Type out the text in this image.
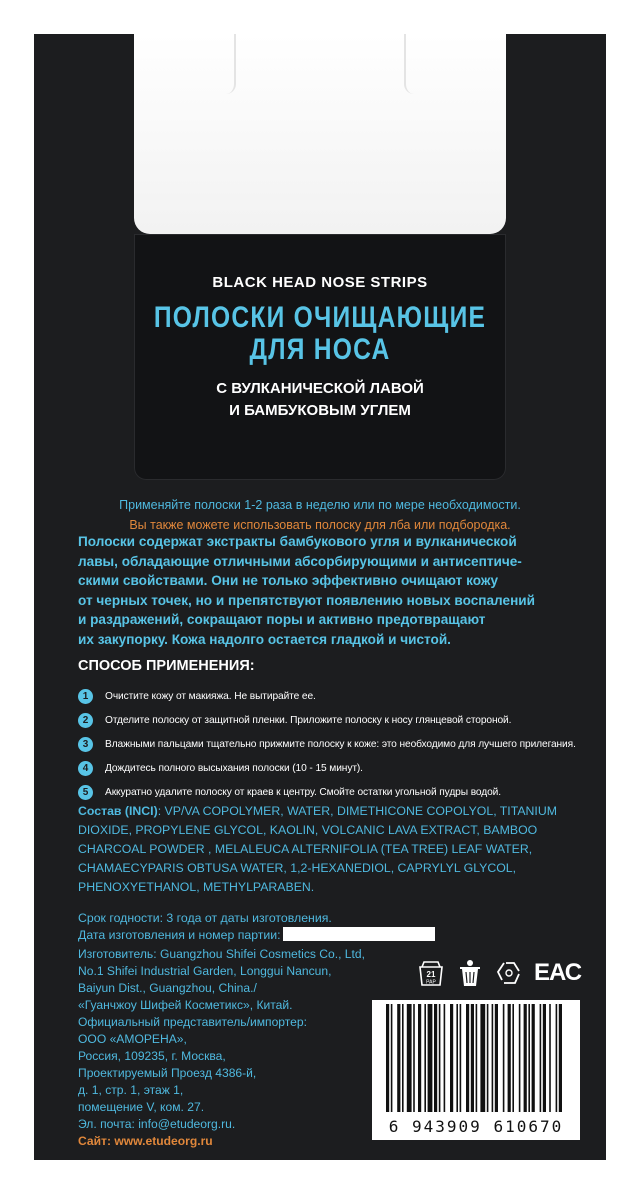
BLACK HEAD NOSE STRIPS
ПОЛОСКИ ОЧИЩАЮЩИЕ
ДЛЯ НОСА
С ВУЛКАНИЧЕСКОЙ ЛАВОЙ
И БАМБУКОВЫМ УГЛЕМ
Применяйте полоски 1-2 раза в неделю или по мере необходимости.
Вы также можете использовать полоску для лба или подбородка.
Полоски содержат экстракты бамбукового угля и вулканической
лавы, обладающие отличными абсорбирующими и антисептиче-
скими свойствами. Они не только эффективно очищают кожу
от черных точек, но и препятствуют появлению новых воспалений
и раздражений, сокращают поры и активно предотвращают
их закупорку. Кожа надолго остается гладкой и чистой.
СПОСОБ ПРИМЕНЕНИЯ:
1	Очистите кожу от макияжа. Не вытирайте ее.
2	Отделите полоску от защитной пленки. Приложите полоску к носу глянцевой стороной.
3	Влажными пальцами тщательно прижмите полоску к коже: это необходимо для лучшего прилегания.
4	Дождитесь полного высыхания полоски (10 - 15 минут).
5	Аккуратно удалите полоску от краев к центру. Смойте остатки угольной пудры водой.
Состав (INCI): VP/VA COPOLYMER, WATER, DIMETHICONE COPOLYOL, TITANIUM DIOXIDE, PROPYLENE GLYCOL, KAOLIN, VOLCANIC LAVA EXTRACT, BAMBOO CHARCOAL POWDER , MELALEUCA ALTERNIFOLIA (TEA TREE) LEAF WATER, CHAMAECYPARIS OBTUSA WATER, 1,2-HEXANEDIOL, CAPRYLYL GLYCOL, PHENOXYETHANOL, METHYLPARABEN.
Срок годности: 3 года от даты изготовления.
Дата изготовления и номер партии:
Изготовитель: Guangzhou Shifei Cosmetics Co., Ltd,
No.1 Shifei Industrial Garden, Longgui Nancun,
Baiyun Dist., Guangzhou, China./
«Гуанчжоу Шифей Косметикс», Китай.
Официальный представитель/импортер:
ООО «АМОРЕНА»,
Россия, 109235, г. Москва,
Проектируемый Проезд 4386-й,
д. 1, стр. 1, этаж 1,
помещение V, ком. 27.
Эл. почта: info@etudeorg.ru.
Сайт: www.etudeorg.ru
21
PAP	ЕАС
6 943909 610670
